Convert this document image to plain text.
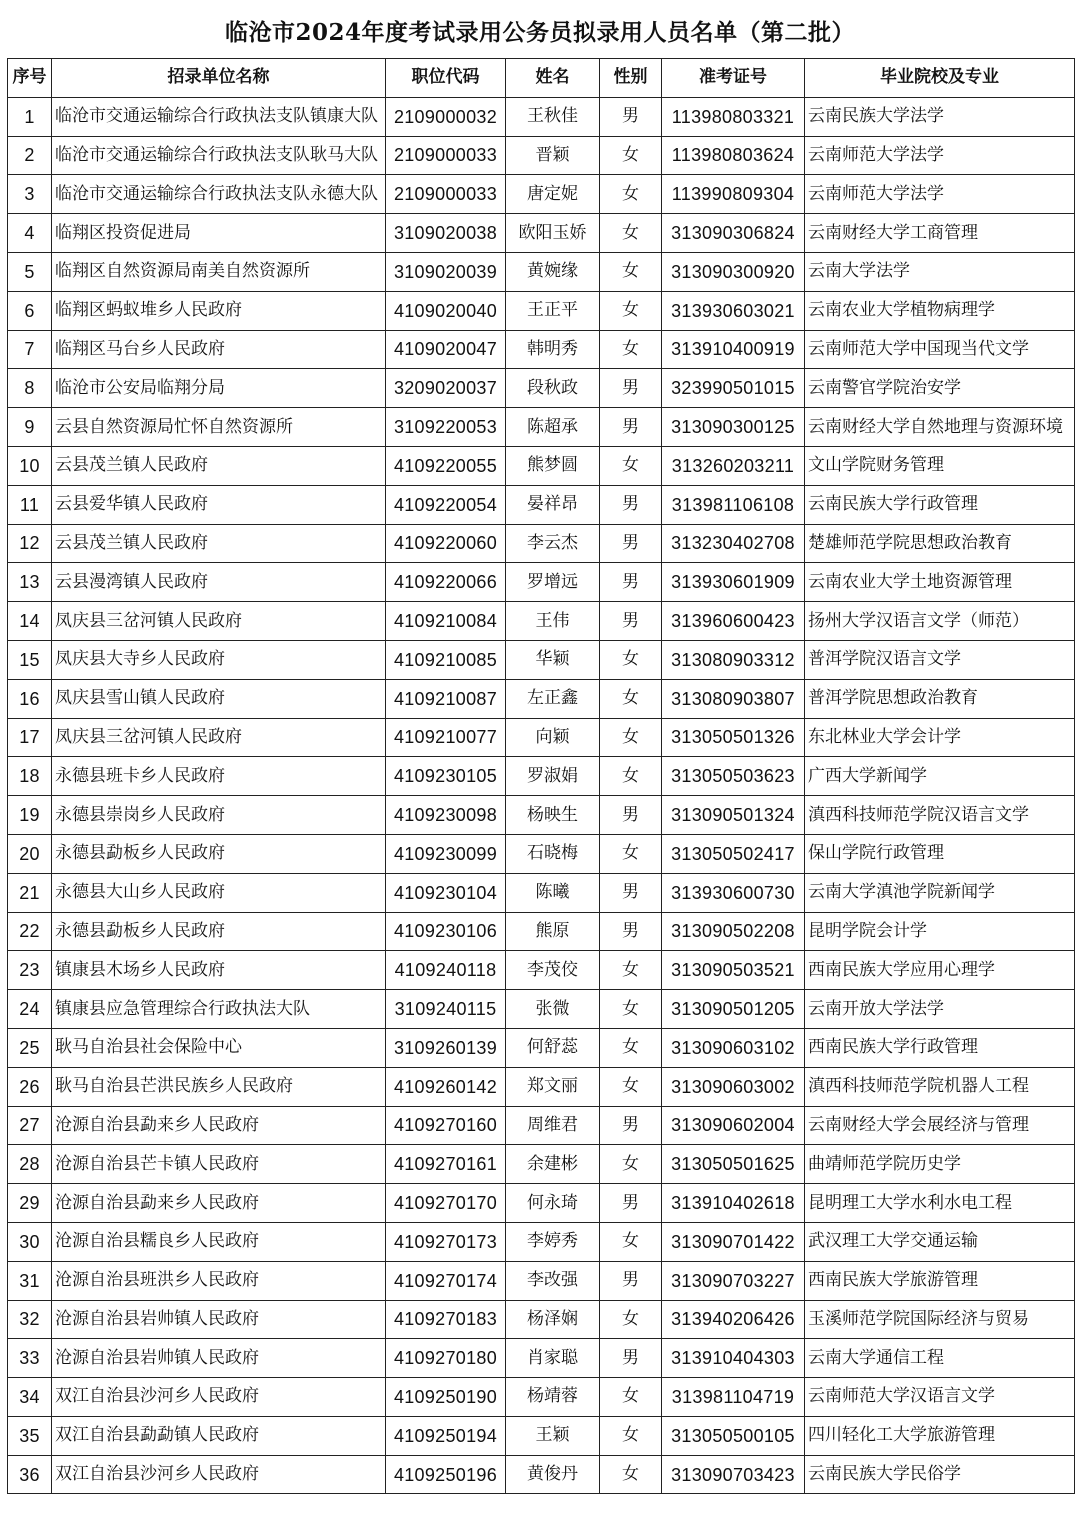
临沧市2024年度考试录用公务员拟录用人员名单（第二批）
序号	招录单位名称	职位代码	姓名	性别	准考证号	毕业院校及专业
1	临沧市交通运输综合行政执法支队镇康大队	2109000032	王秋佳	男	113980803321	云南民族大学法学
2	临沧市交通运输综合行政执法支队耿马大队	2109000033	晋颖	女	113980803624	云南师范大学法学
3	临沧市交通运输综合行政执法支队永德大队	2109000033	唐定妮	女	113990809304	云南师范大学法学
4	临翔区投资促进局	3109020038	欧阳玉娇	女	313090306824	云南财经大学工商管理
5	临翔区自然资源局南美自然资源所	3109020039	黄婉缘	女	313090300920	云南大学法学
6	临翔区蚂蚁堆乡人民政府	4109020040	王正平	女	313930603021	云南农业大学植物病理学
7	临翔区马台乡人民政府	4109020047	韩明秀	女	313910400919	云南师范大学中国现当代文学
8	临沧市公安局临翔分局	3209020037	段秋政	男	323990501015	云南警官学院治安学
9	云县自然资源局忙怀自然资源所	3109220053	陈超承	男	313090300125	云南财经大学自然地理与资源环境
10	云县茂兰镇人民政府	4109220055	熊梦圆	女	313260203211	文山学院财务管理
11	云县爱华镇人民政府	4109220054	晏祥昂	男	313981106108	云南民族大学行政管理
12	云县茂兰镇人民政府	4109220060	李云杰	男	313230402708	楚雄师范学院思想政治教育
13	云县漫湾镇人民政府	4109220066	罗增远	男	313930601909	云南农业大学土地资源管理
14	凤庆县三岔河镇人民政府	4109210084	王伟	男	313960600423	扬州大学汉语言文学（师范）
15	凤庆县大寺乡人民政府	4109210085	华颖	女	313080903312	普洱学院汉语言文学
16	凤庆县雪山镇人民政府	4109210087	左正鑫	女	313080903807	普洱学院思想政治教育
17	凤庆县三岔河镇人民政府	4109210077	向颖	女	313050501326	东北林业大学会计学
18	永德县班卡乡人民政府	4109230105	罗淑娟	女	313050503623	广西大学新闻学
19	永德县崇岗乡人民政府	4109230098	杨映生	男	313090501324	滇西科技师范学院汉语言文学
20	永德县勐板乡人民政府	4109230099	石晓梅	女	313050502417	保山学院行政管理
21	永德县大山乡人民政府	4109230104	陈曦	男	313930600730	云南大学滇池学院新闻学
22	永德县勐板乡人民政府	4109230106	熊原	男	313090502208	昆明学院会计学
23	镇康县木场乡人民政府	4109240118	李茂佼	女	313090503521	西南民族大学应用心理学
24	镇康县应急管理综合行政执法大队	3109240115	张微	女	313090501205	云南开放大学法学
25	耿马自治县社会保险中心	3109260139	何舒蕊	女	313090603102	西南民族大学行政管理
26	耿马自治县芒洪民族乡人民政府	4109260142	郑文丽	女	313090603002	滇西科技师范学院机器人工程
27	沧源自治县勐来乡人民政府	4109270160	周维君	男	313090602004	云南财经大学会展经济与管理
28	沧源自治县芒卡镇人民政府	4109270161	余建彬	女	313050501625	曲靖师范学院历史学
29	沧源自治县勐来乡人民政府	4109270170	何永琦	男	313910402618	昆明理工大学水利水电工程
30	沧源自治县糯良乡人民政府	4109270173	李婷秀	女	313090701422	武汉理工大学交通运输
31	沧源自治县班洪乡人民政府	4109270174	李改强	男	313090703227	西南民族大学旅游管理
32	沧源自治县岩帅镇人民政府	4109270183	杨泽娴	女	313940206426	玉溪师范学院国际经济与贸易
33	沧源自治县岩帅镇人民政府	4109270180	肖家聪	男	313910404303	云南大学通信工程
34	双江自治县沙河乡人民政府	4109250190	杨靖蓉	女	313981104719	云南师范大学汉语言文学
35	双江自治县勐勐镇人民政府	4109250194	王颖	女	313050500105	四川轻化工大学旅游管理
36	双江自治县沙河乡人民政府	4109250196	黄俊丹	女	313090703423	云南民族大学民俗学
